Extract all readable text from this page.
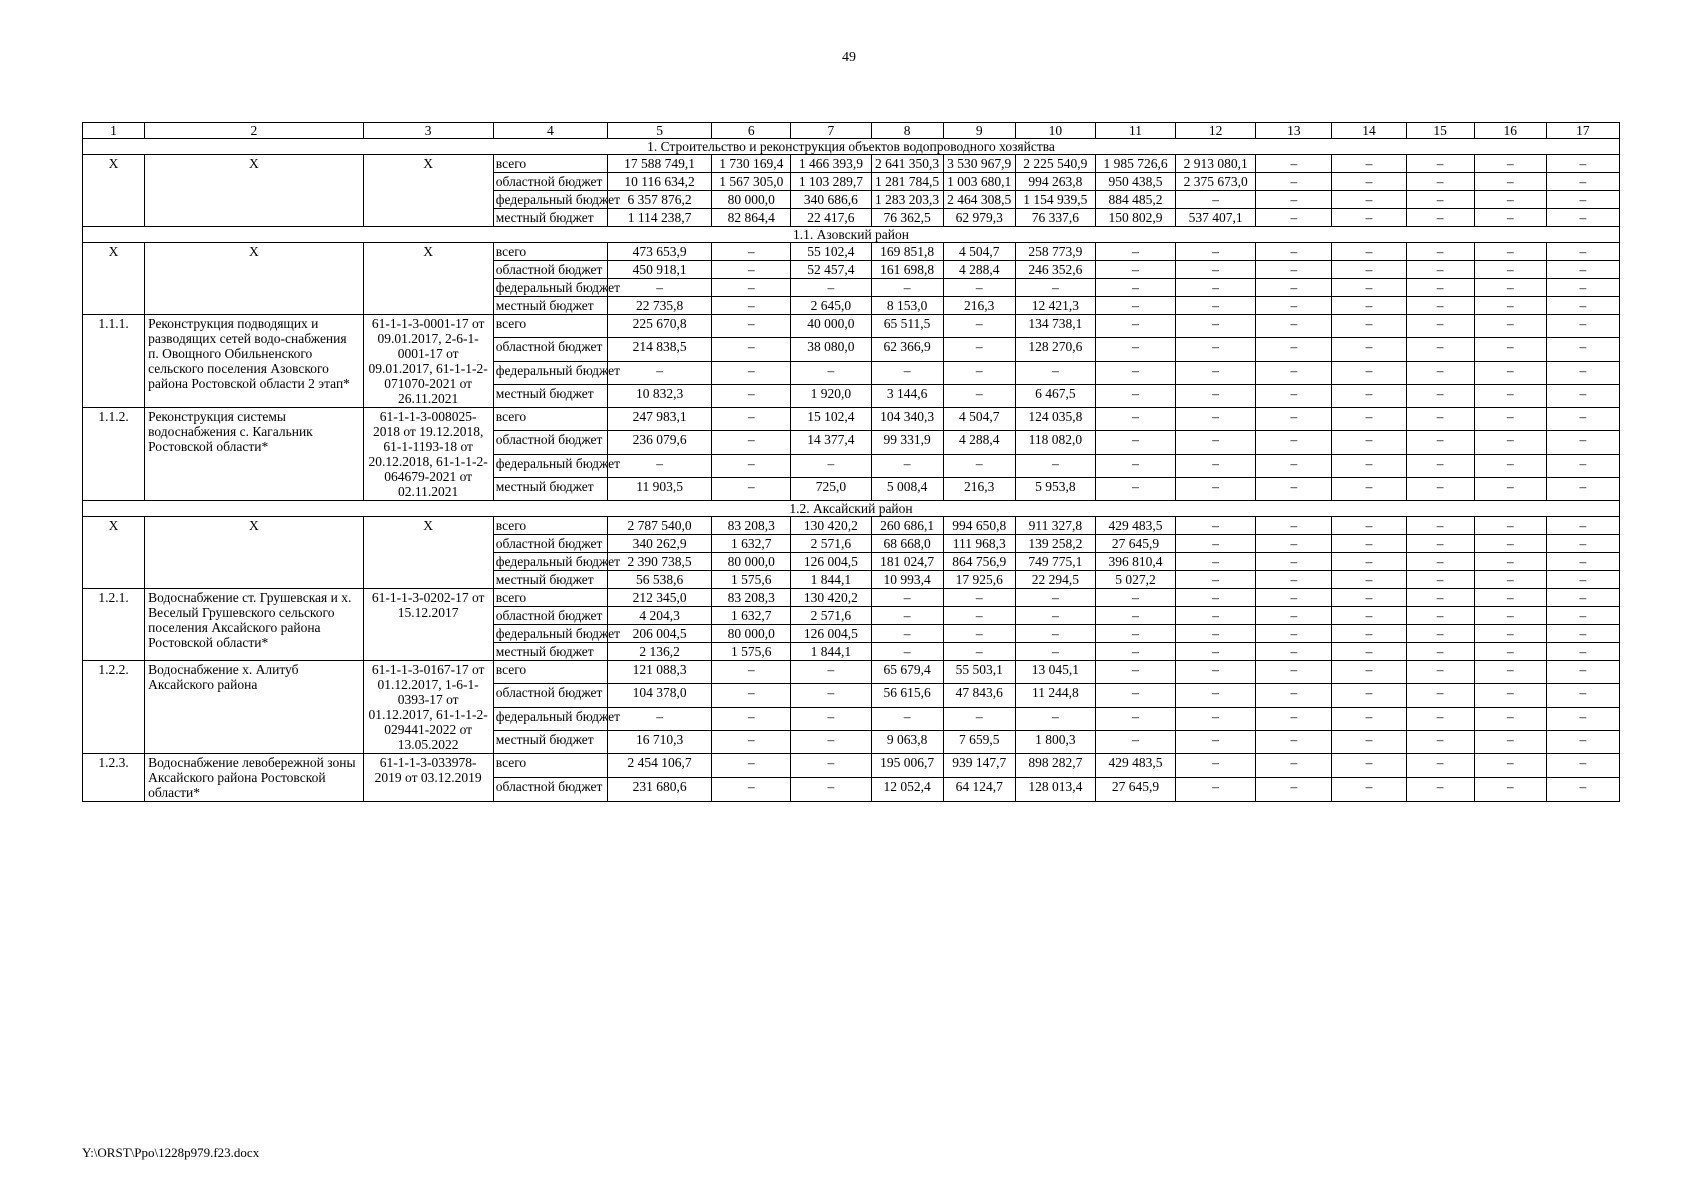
49
1	2	3	4	5	6	7	8	9	10	11	12	13	14	15	16	17
1. Строительство и реконструкция объектов водопроводного хозяйства																
Х	Х	Х	всего	17 588 749,1	1 730 169,4	1 466 393,9	2 641 350,3	3 530 967,9	2 225 540,9	1 985 726,6	2 913 080,1	–	–	–	–	–
			областной бюджет	10 116 634,2	1 567 305,0	1 103 289,7	1 281 784,5	1 003 680,1	994 263,8	950 438,5	2 375 673,0	–	–	–	–	–
			федеральный бюджет	6 357 876,2	80 000,0	340 686,6	1 283 203,3	2 464 308,5	1 154 939,5	884 485,2	–	–	–	–	–	–
			местный бюджет	1 114 238,7	82 864,4	22 417,6	76 362,5	62 979,3	76 337,6	150 802,9	537 407,1	–	–	–	–	–
1.1. Азовский район																
Х	Х	Х	всего	473 653,9	–	55 102,4	169 851,8	4 504,7	258 773,9	–	–	–	–	–	–	–
			областной бюджет	450 918,1	–	52 457,4	161 698,8	4 288,4	246 352,6	–	–	–	–	–	–	–
			федеральный бюджет	–	–	–	–	–	–	–	–	–	–	–	–	–
			местный бюджет	22 735,8	–	2 645,0	8 153,0	216,3	12 421,3	–	–	–	–	–	–	–
1.1.1.	Реконструкция подводящих и разводящих сетей водо-снабжения п. Овощного Обильненского сельского поселения Азовского района Ростовской области 2 этап*	61-1-1-3-0001-17 от 09.01.2017, 2-6-1-0001-17 от 09.01.2017, 61-1-1-2-071070-2021 от 26.11.2021	всего	225 670,8	–	40 000,0	65 511,5	–	134 738,1	–	–	–	–	–	–	–
			областной бюджет	214 838,5	–	38 080,0	62 366,9	–	128 270,6	–	–	–	–	–	–	–
			федеральный бюджет	–	–	–	–	–	–	–	–	–	–	–	–	–
			местный бюджет	10 832,3	–	1 920,0	3 144,6	–	6 467,5	–	–	–	–	–	–	–
1.1.2.	Реконструкция системы водоснабжения с. Кагальник Ростовской области*	61-1-1-3-008025-2018 от 19.12.2018, 61-1-1193-18 от 20.12.2018, 61-1-1-2-064679-2021 от 02.11.2021	всего	247 983,1	–	15 102,4	104 340,3	4 504,7	124 035,8	–	–	–	–	–	–	–
			областной бюджет	236 079,6	–	14 377,4	99 331,9	4 288,4	118 082,0	–	–	–	–	–	–	–
			федеральный бюджет	–	–	–	–	–	–	–	–	–	–	–	–	–
			местный бюджет	11 903,5	–	725,0	5 008,4	216,3	5 953,8	–	–	–	–	–	–	–
1.2. Аксайский район																
Х	Х	Х	всего	2 787 540,0	83 208,3	130 420,2	260 686,1	994 650,8	911 327,8	429 483,5	–	–	–	–	–	–
			областной бюджет	340 262,9	1 632,7	2 571,6	68 668,0	111 968,3	139 258,2	27 645,9	–	–	–	–	–	–
			федеральный бюджет	2 390 738,5	80 000,0	126 004,5	181 024,7	864 756,9	749 775,1	396 810,4	–	–	–	–	–	–
			местный бюджет	56 538,6	1 575,6	1 844,1	10 993,4	17 925,6	22 294,5	5 027,2	–	–	–	–	–	–
1.2.1.	Водоснабжение ст. Грушевская и х. Веселый Грушевского сельского поселения Аксайского района Ростовской области*	61-1-1-3-0202-17 от 15.12.2017	всего	212 345,0	83 208,3	130 420,2	–	–	–	–	–	–	–	–	–	–
			областной бюджет	4 204,3	1 632,7	2 571,6	–	–	–	–	–	–	–	–	–	–
			федеральный бюджет	206 004,5	80 000,0	126 004,5	–	–	–	–	–	–	–	–	–	–
			местный бюджет	2 136,2	1 575,6	1 844,1	–	–	–	–	–	–	–	–	–	–
1.2.2.	Водоснабжение х. Алитуб Аксайского района	61-1-1-3-0167-17 от 01.12.2017, 1-6-1-0393-17 от 01.12.2017, 61-1-1-2-029441-2022 от 13.05.2022	всего	121 088,3	–	–	65 679,4	55 503,1	13 045,1	–	–	–	–	–	–	–
			областной бюджет	104 378,0	–	–	56 615,6	47 843,6	11 244,8	–	–	–	–	–	–	–
			федеральный бюджет	–	–	–	–	–	–	–	–	–	–	–	–	–
			местный бюджет	16 710,3	–	–	9 063,8	7 659,5	1 800,3	–	–	–	–	–	–	–
1.2.3.	Водоснабжение левобережной зоны Аксайского района Ростовской области*	61-1-1-3-033978-2019 от 03.12.2019	всего	2 454 106,7	–	–	195 006,7	939 147,7	898 282,7	429 483,5	–	–	–	–	–	–
			областной бюджет	231 680,6	–	–	12 052,4	64 124,7	128 013,4	27 645,9	–	–	–	–	–	–
Y:\ORST\Ppo\1228p979.f23.docx
